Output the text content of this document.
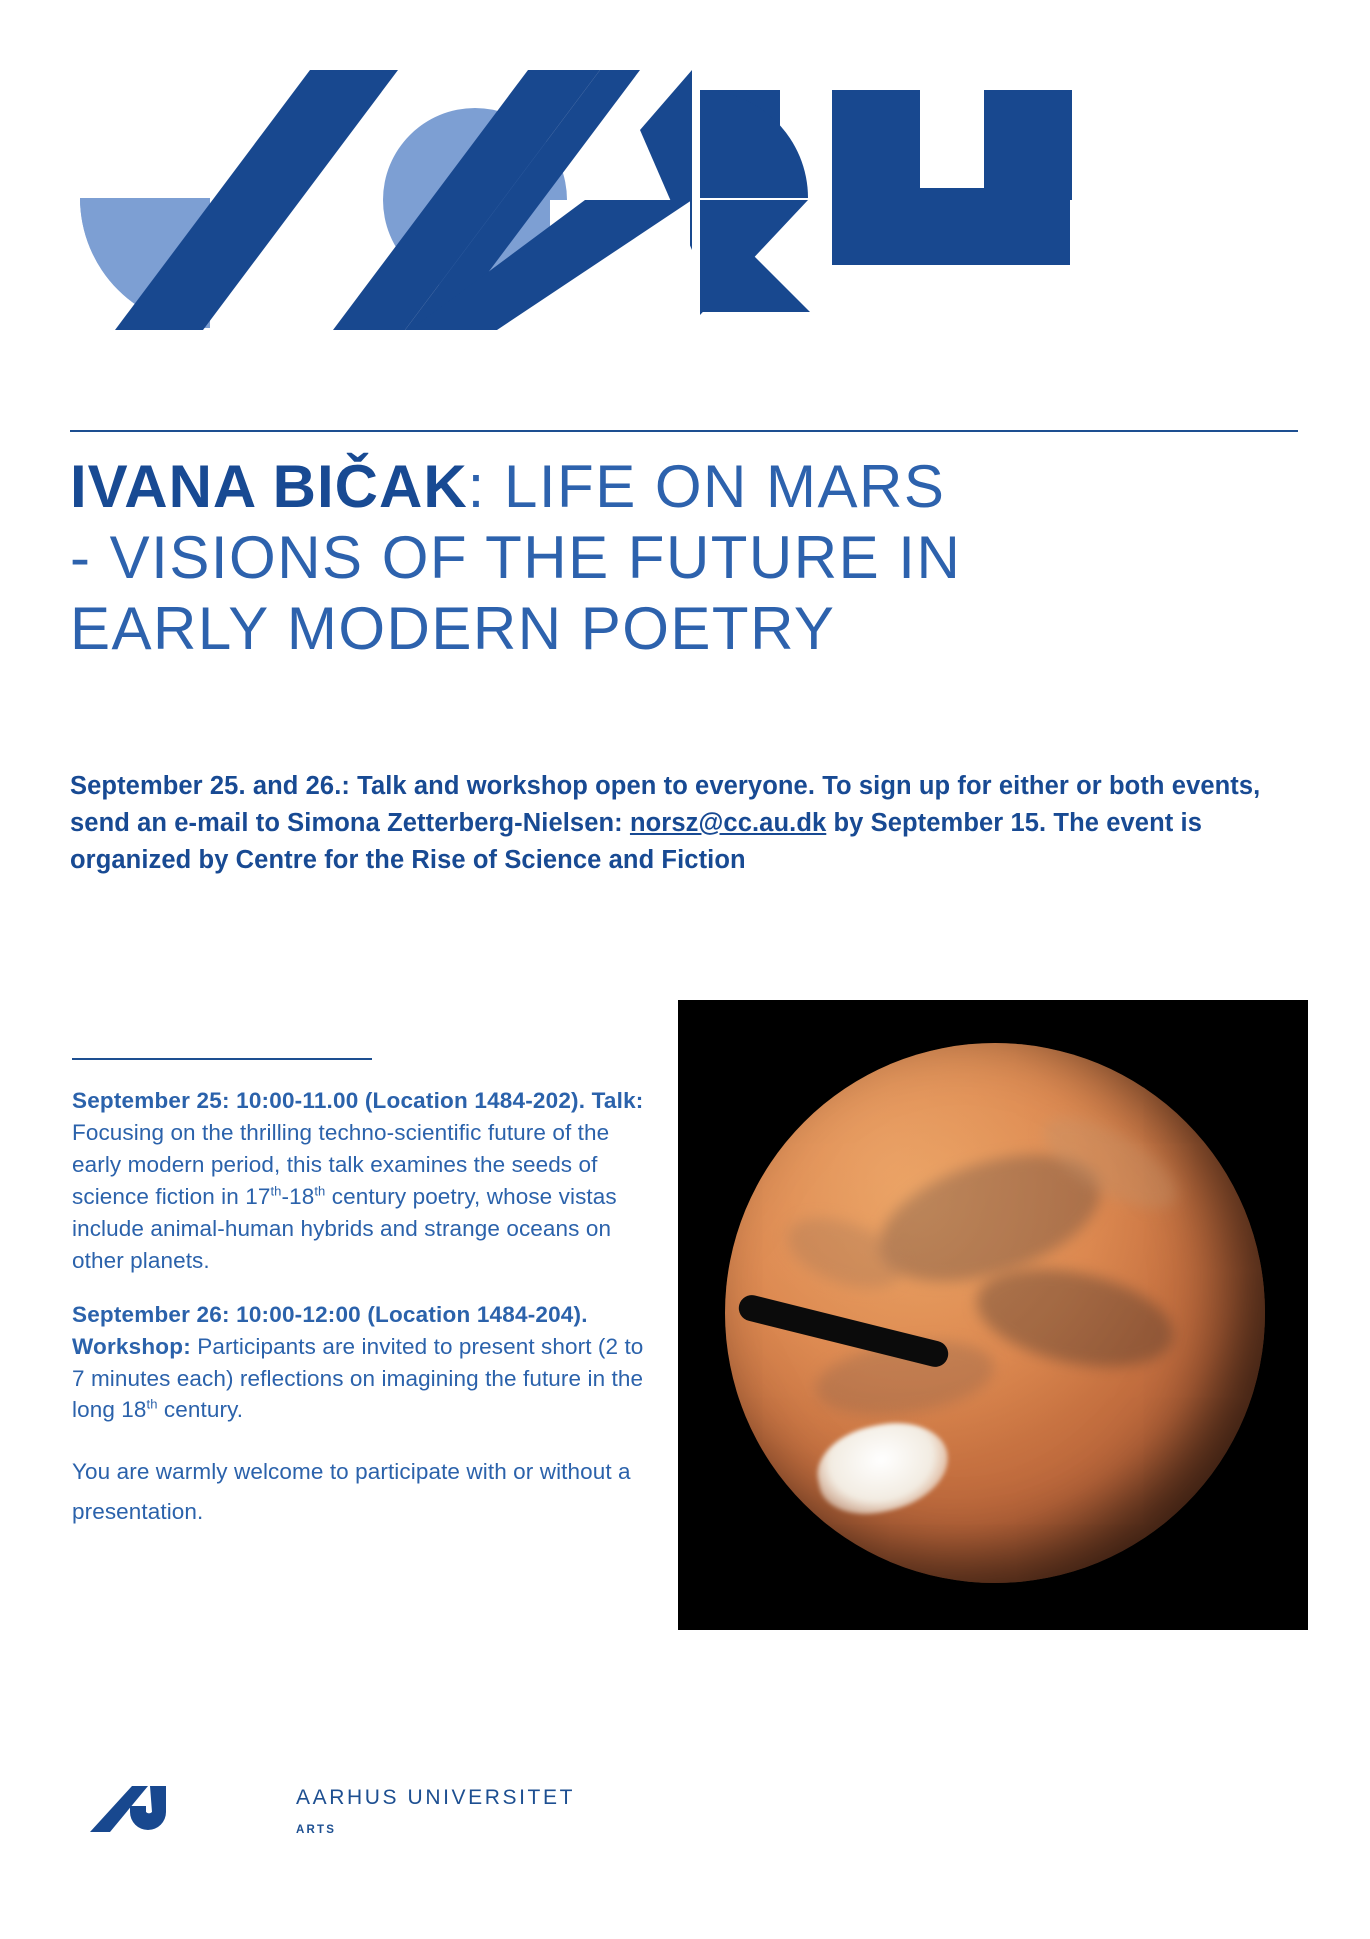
IVANA BIČAK: LIFE ON MARS
- VISIONS OF THE FUTURE IN
EARLY MODERN POETRY
September 25. and 26.: Talk and workshop open to everyone. To sign up for either or both events, send an e-mail to Simona Zetterberg-Nielsen: norsz@cc.au.dk by September 15. The event is organized by Centre for the Rise of Science and Fiction
September 25: 10:00-11.00 (Location 1484-202). Talk: Focusing on the thrilling techno-scientific future of the early modern period, this talk examines the seeds of science fiction in 17th-18th century poetry, whose vistas include animal-human hybrids and strange oceans on other planets.
September 26: 10:00-12:00 (Location 1484-204). Workshop: Participants are invited to present short (2 to 7 minutes each) reflections on imagining the future in the long 18th century.
You are warmly welcome to participate with or without a presentation.
AARHUS UNIVERSITET
ARTS
